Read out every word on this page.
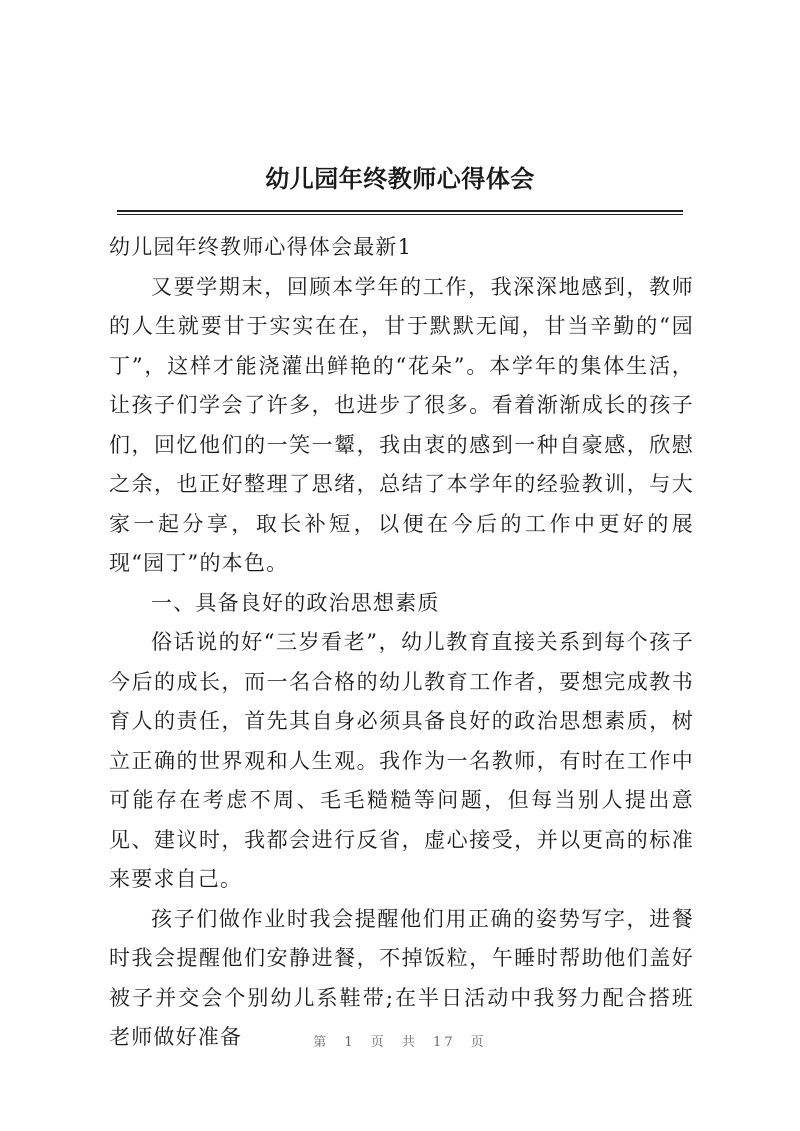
幼儿园年终教师心得体会

幼儿园年终教师心得体会最新1

又要学期末，回顾本学年的工作，我深深地感到，教师的人生就要甘于实实在在，甘于默默无闻，甘当辛勤的“园丁”，这样才能浇灌出鲜艳的“花朵”。本学年的集体生活，让孩子们学会了许多，也进步了很多。看着渐渐成长的孩子们，回忆他们的一笑一颦，我由衷的感到一种自豪感，欣慰之余，也正好整理了思绪，总结了本学年的经验教训，与大家一起分享，取长补短，以便在今后的工作中更好的展现“园丁”的本色。

一、具备良好的政治思想素质

俗话说的好“三岁看老”，幼儿教育直接关系到每个孩子今后的成长，而一名合格的幼儿教育工作者，要想完成教书育人的责任，首先其自身必须具备良好的政治思想素质，树立正确的世界观和人生观。我作为一名教师，有时在工作中可能存在考虑不周、毛毛糙糙等问题，但每当别人提出意见、建议时，我都会进行反省，虚心接受，并以更高的标准来要求自己。

孩子们做作业时我会提醒他们用正确的姿势写字，进餐时我会提醒他们安静进餐，不掉饭粒，午睡时帮助他们盖好被子并交会个别幼儿系鞋带;在半日活动中我努力配合搭班老师做好准备	第 1 页 共 17 页
